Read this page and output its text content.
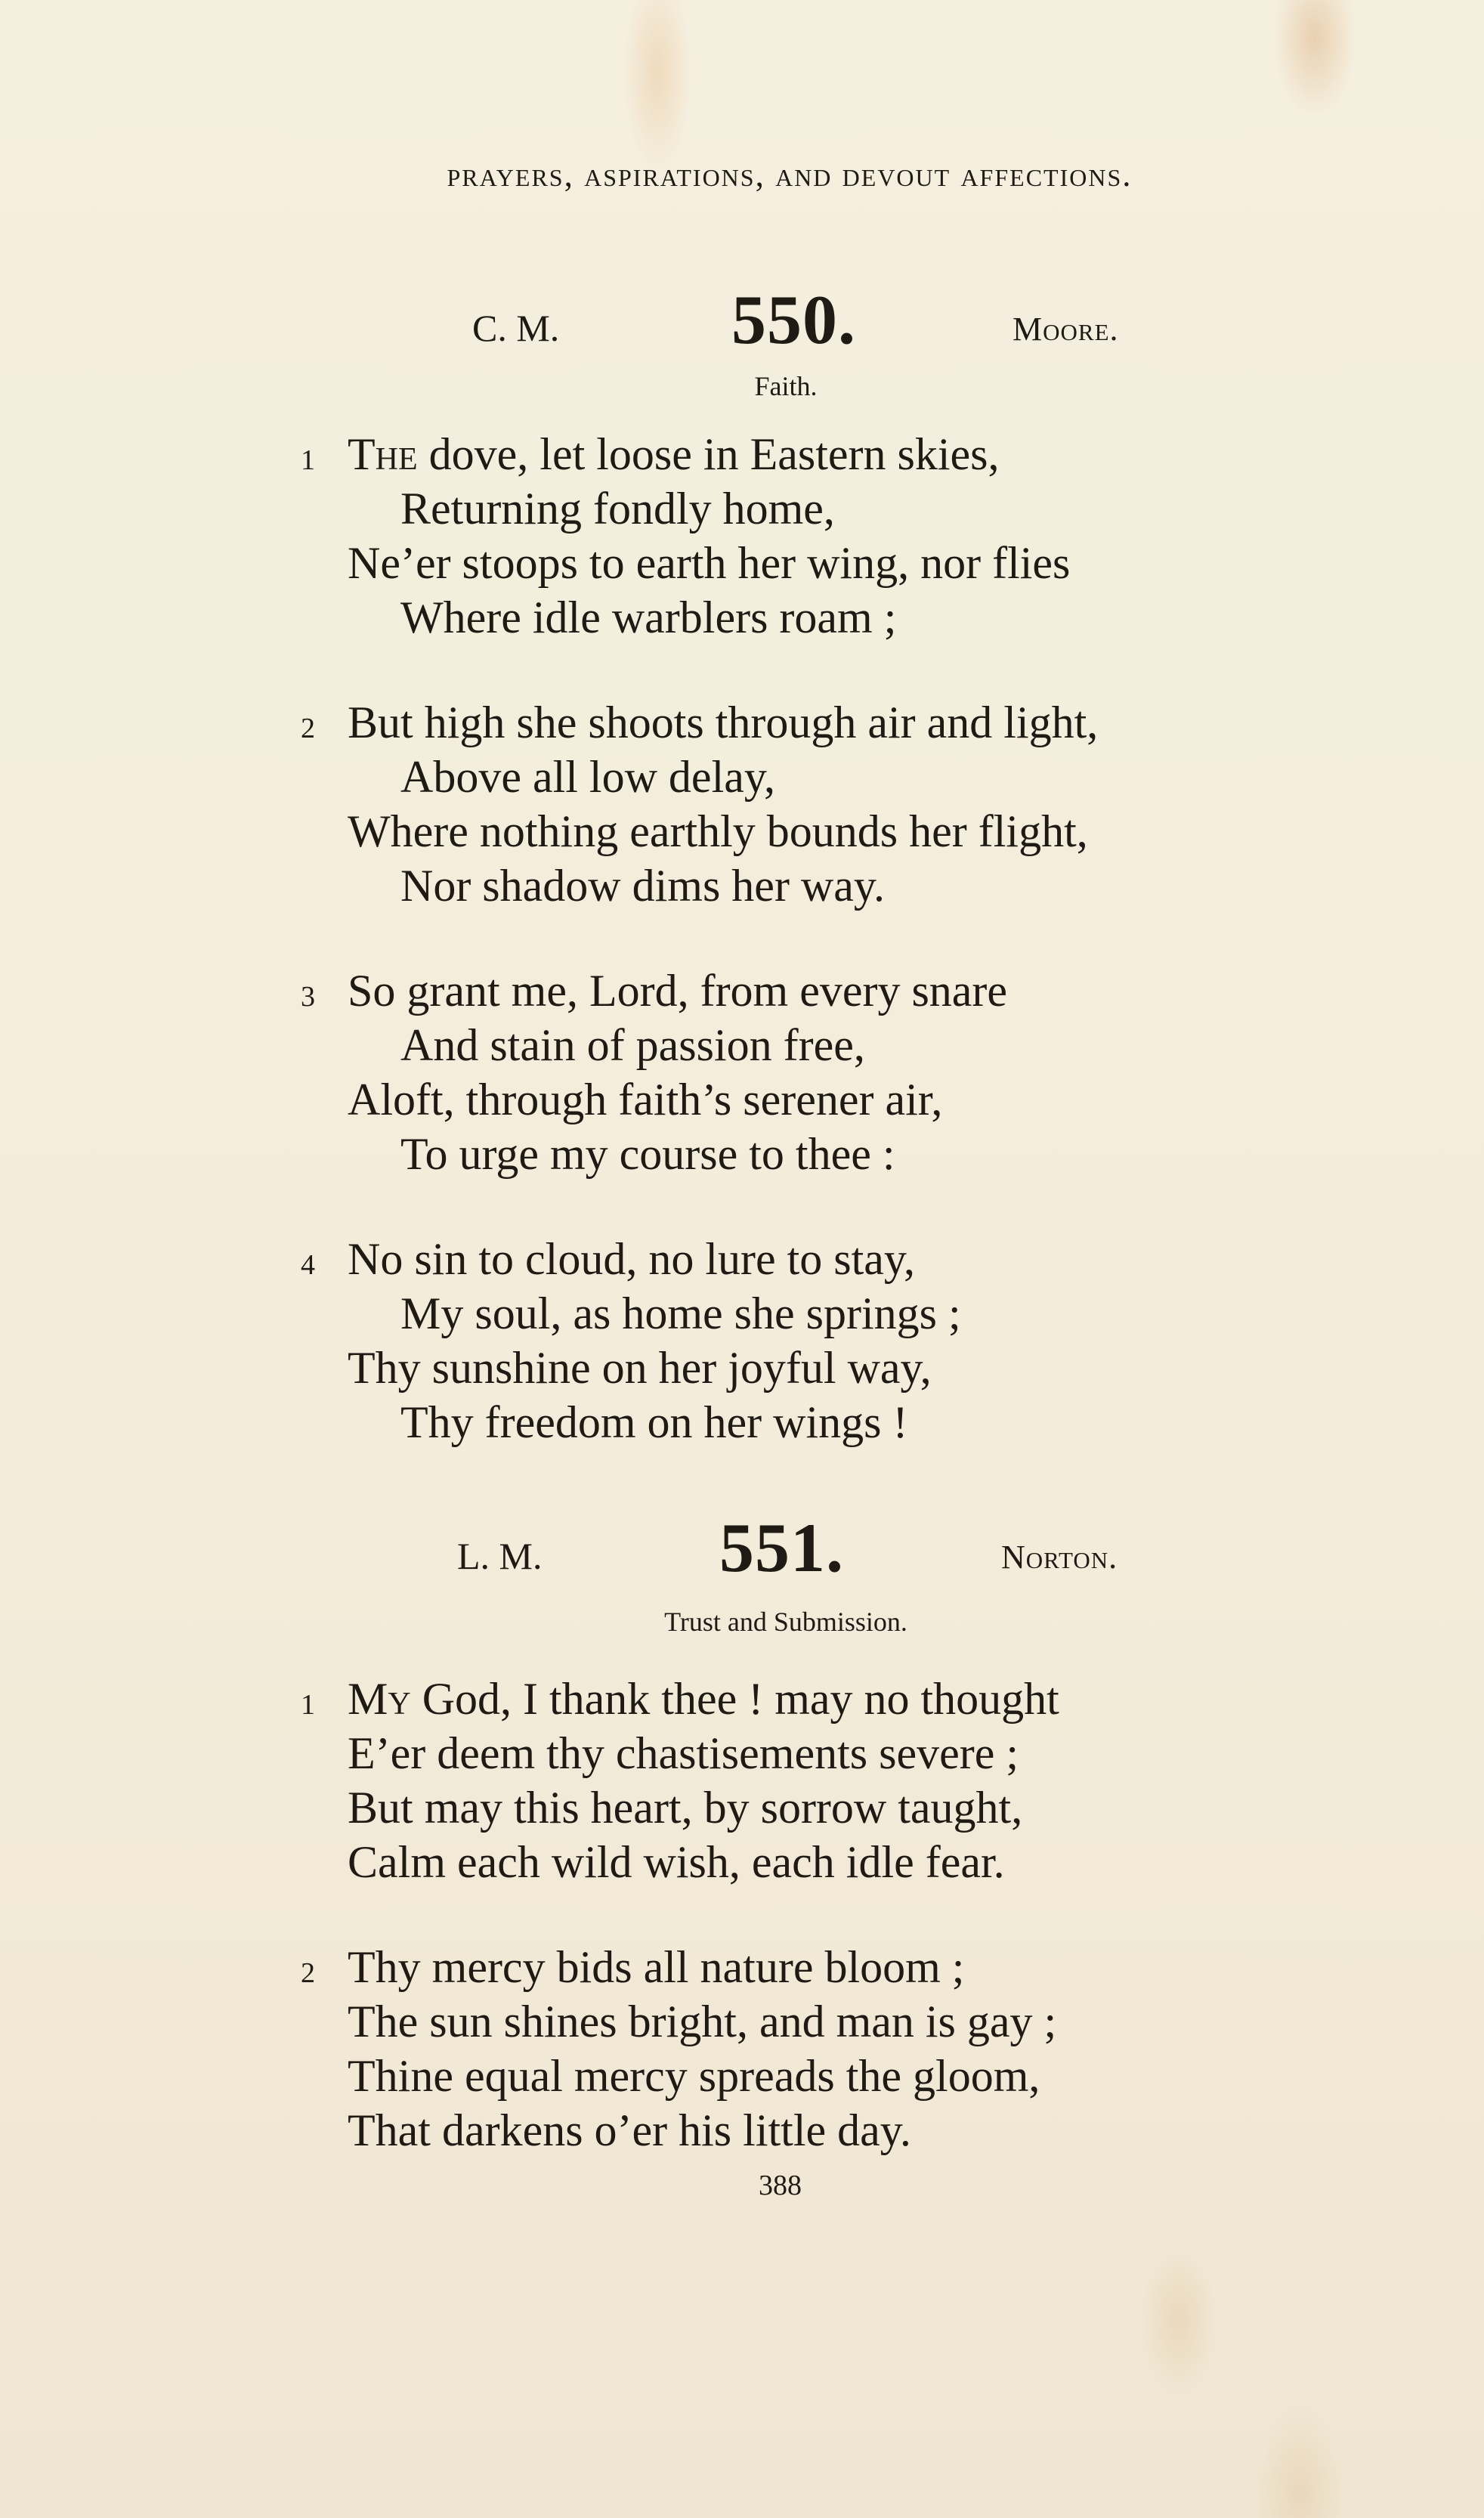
prayers, aspirations, and devout affections.
C. M. 550.	Moore.
Faith.
1 The dove, let loose in Eastern skies,
Returning fondly home,
Ne’er stoops to earth her wing, nor flies
Where idle warblers roam ;
2 But high she shoots through air and light,
Above all low delay,
Where nothing earthly bounds her flight,
Nor shadow dims her way.
3 So grant me, Lord, from every snare
And stain of passion free,
Aloft, through faith’s serener air,
To urge my course to thee :
4 No sin to cloud, no lure to stay,
My soul, as home she springs ;
Thy sunshine on her joyful way,
Thy freedom on her wings !
L. M.	551.	Norton.
Trust and Submission.
1 My God, I thank thee ! may no thought
E’er deem thy chastisements severe ;
But may this heart, by sorrow taught,
Calm each wild wish, each idle fear.
2 Thy mercy bids all nature bloom ;
The sun shines bright, and man is gay ;
Thine equal mercy spreads the gloom,
That darkens o’er his little day.
388
